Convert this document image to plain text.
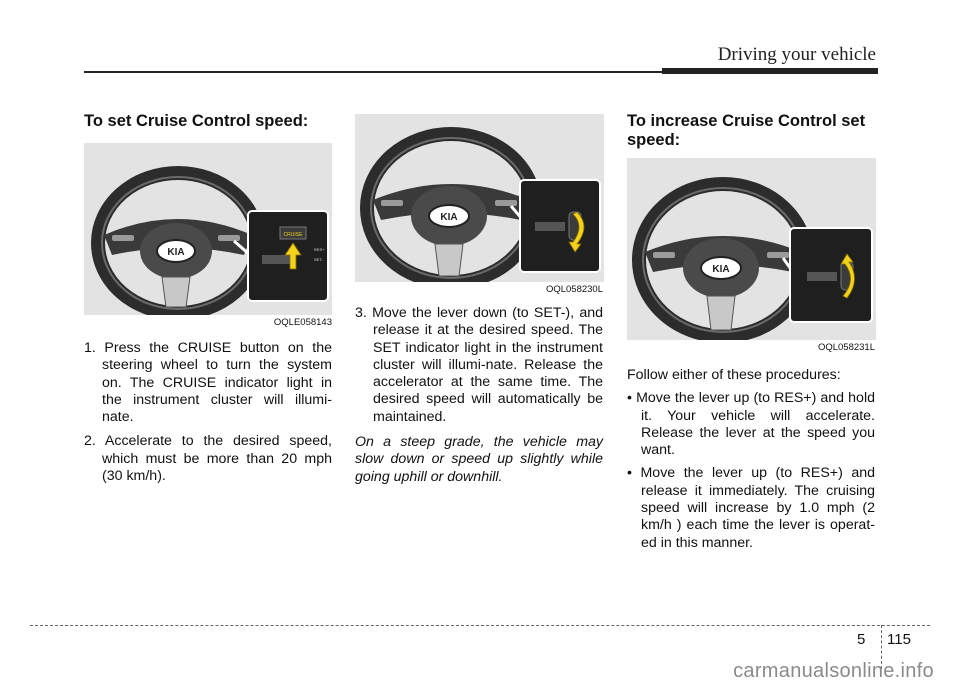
Driving your vehicle
To set Cruise Control speed:
KIA
CRUISE
RES+
SET-
OQLE058143
1. Press the CRUISE button on the steering wheel to turn the system on. The CRUISE indicator light in the instrument cluster will illumi-nate.
2. Accelerate to the desired speed, which must be more than 20 mph (30 km/h).
KIA
OQL058230L
3. Move the lever down (to SET-), and release it at the desired speed. The SET indicator light in the instrument cluster will illumi-nate. Release the accelerator at the same time. The desired speed will automatically be maintained.
On a steep grade, the vehicle may slow down or speed up slightly while going uphill or downhill.
To increase Cruise Control set speed:
KIA
OQL058231L
Follow either of these procedures:
• Move the lever up (to RES+) and hold it. Your vehicle will accelerate. Release the lever at the speed you want.
• Move the lever up (to RES+) and release it immediately. The cruising speed will increase by 1.0 mph (2 km/h ) each time the lever is operat-ed in this manner.
5 115
carmanualsonline.info
